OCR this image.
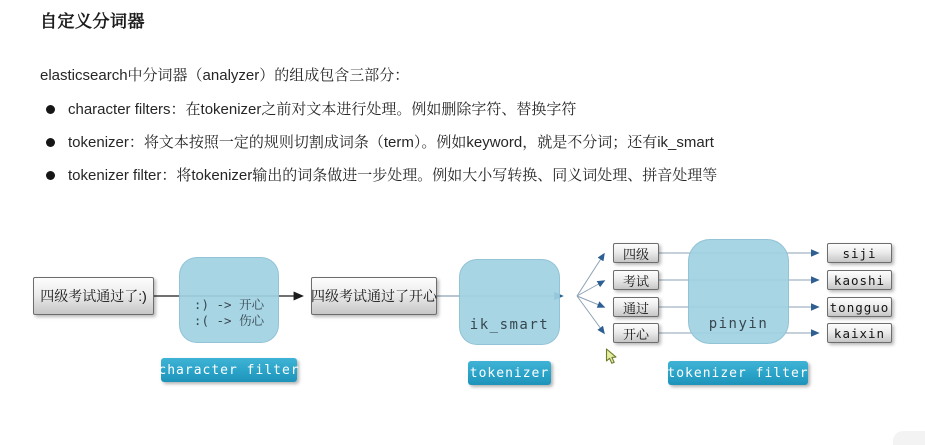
自定义分词器
elasticsearch中分词器（analyzer）的组成包含三部分：
character filters：在tokenizer之前对文本进行处理。例如删除字符、替换字符
tokenizer：将文本按照一定的规则切割成词条（term）。例如keyword，就是不分词；还有ik_smart
tokenizer filter：将tokenizer输出的词条做进一步处理。例如大小写转换、同义词处理、拼音处理等
四级考试通过了:)
:) -> 开心
:( -> 伤心
四级考试通过了开心
ik_smart
四级
考试
通过
开心
pinyin
siji
kaoshi
tongguo
kaixin
character filter	tokenizer	tokenizer filter
